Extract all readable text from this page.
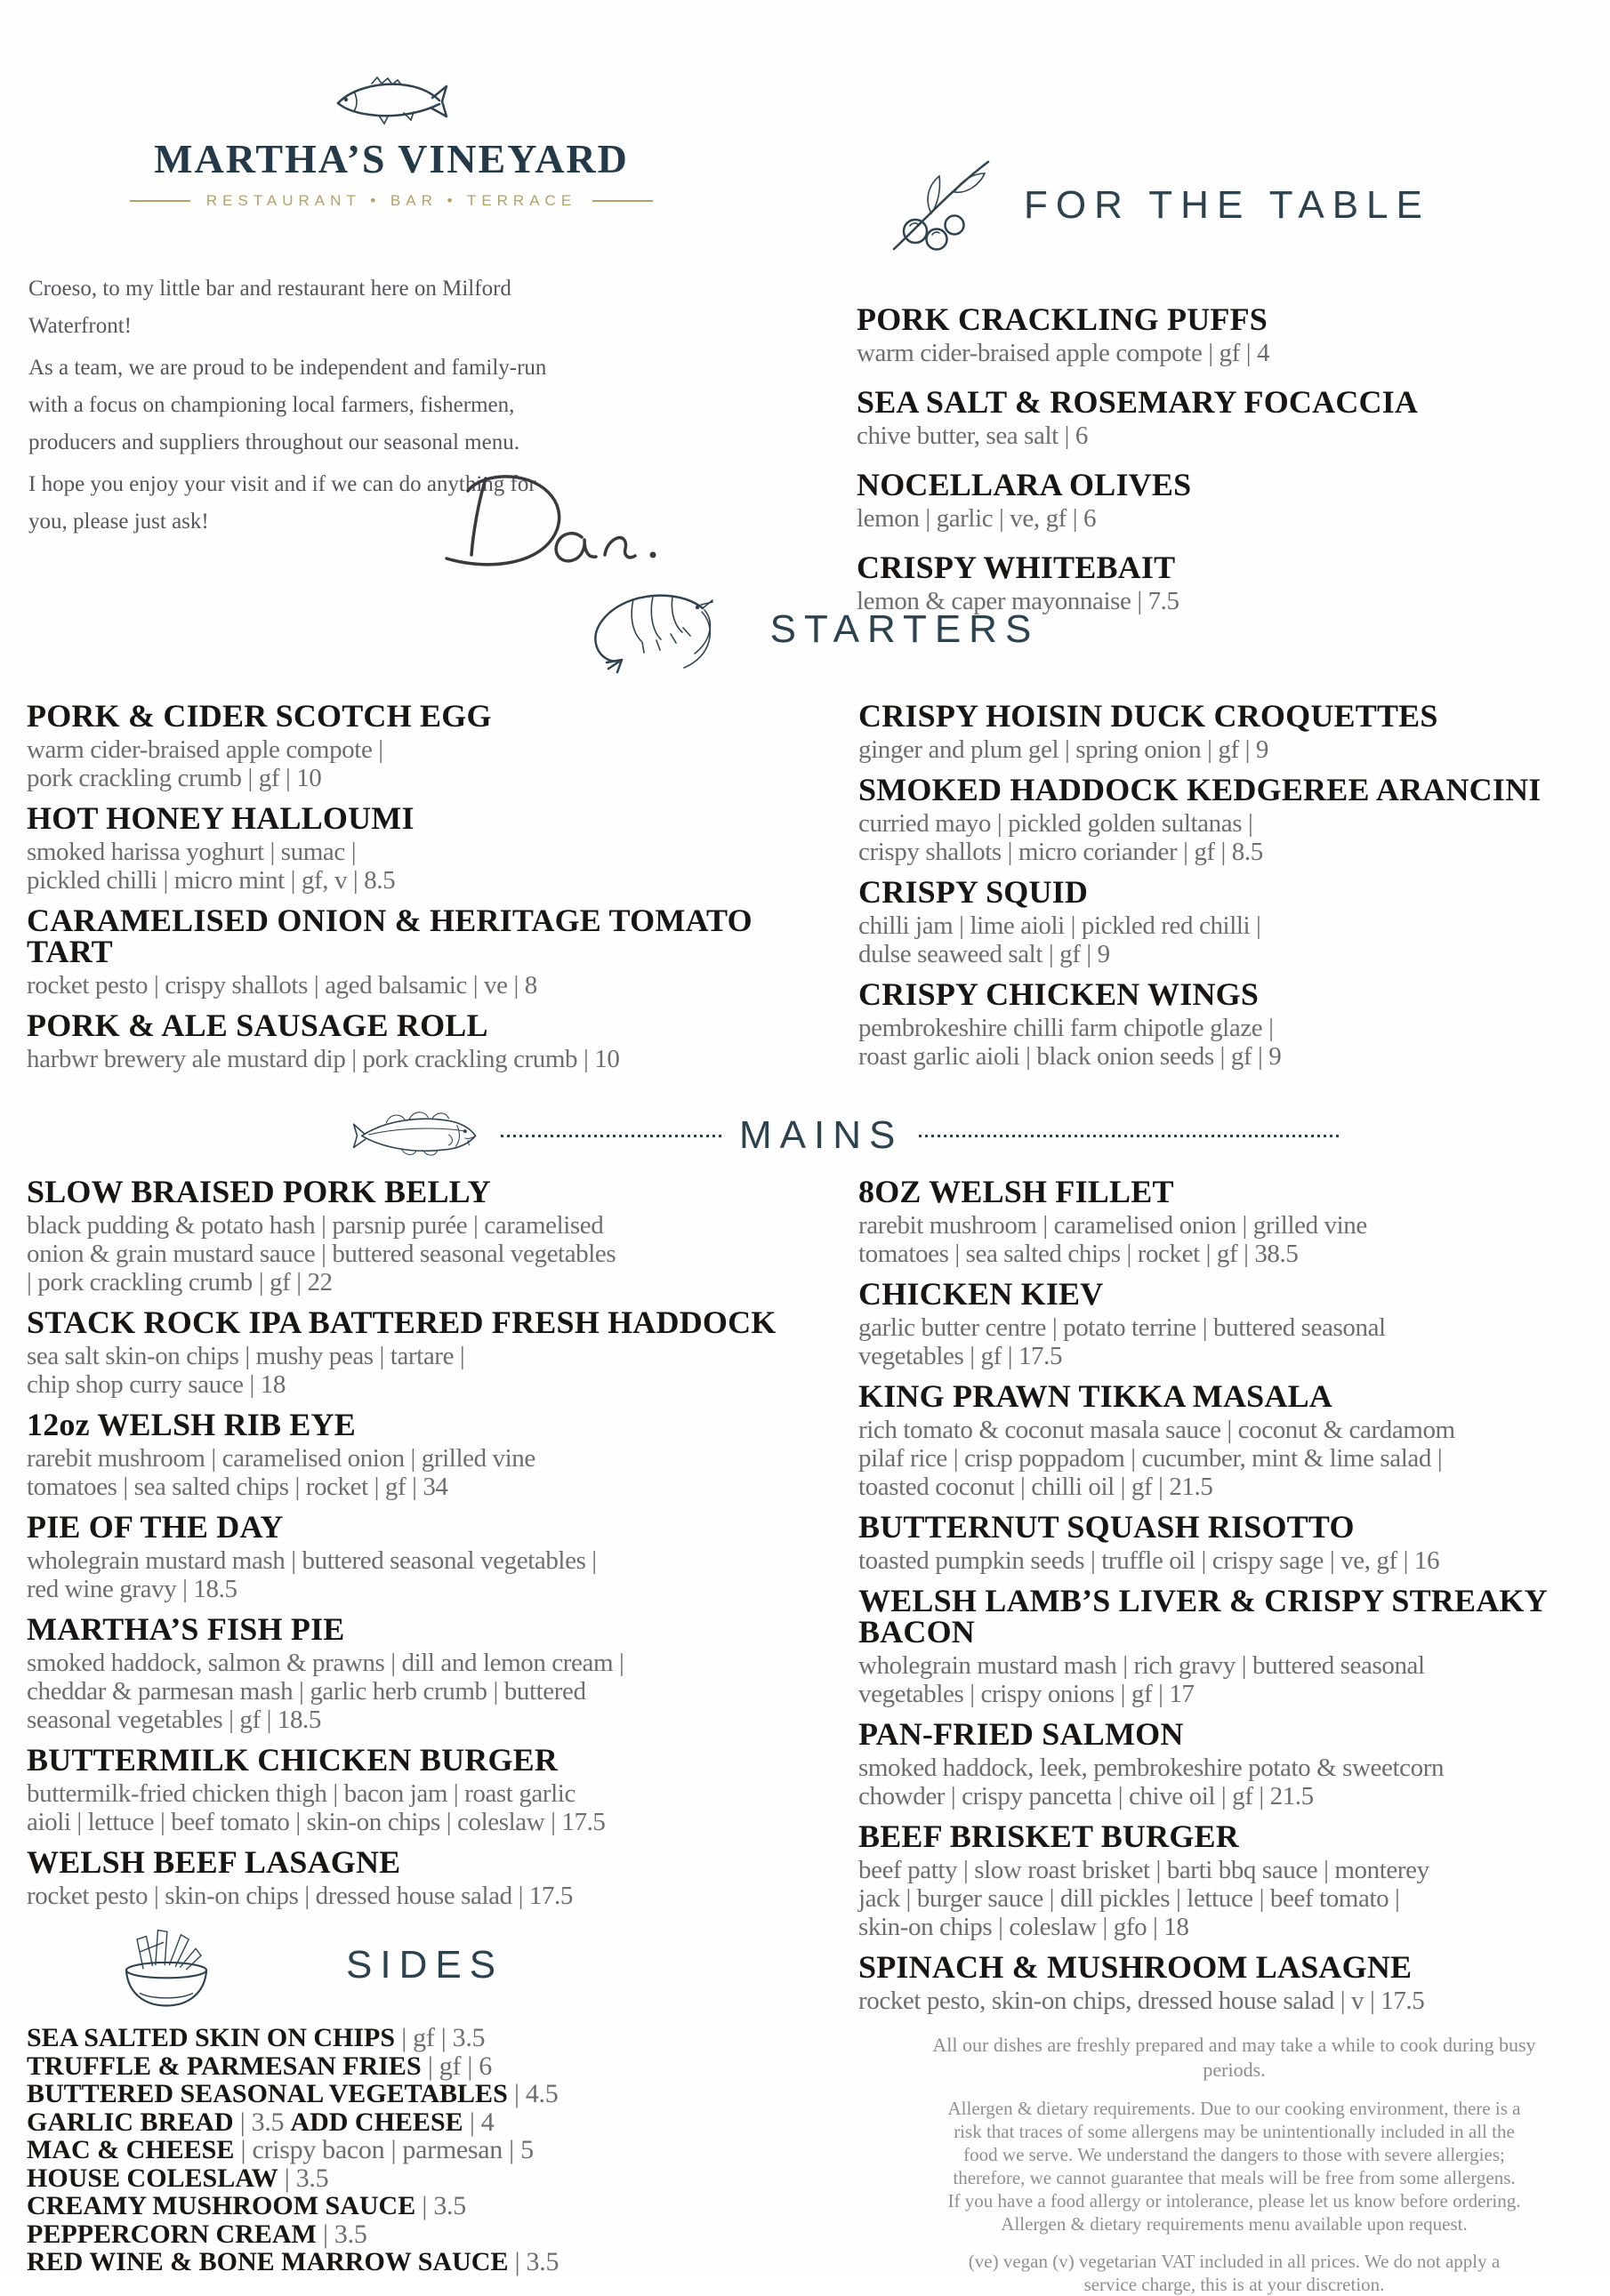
MARTHA’S VINEYARD
RESTAURANT • BAR • TERRACE

Croeso, to my little bar and restaurant here on Milford
Waterfront!

As a team, we are proud to be independent and family-run
with a focus on championing local farmers, fishermen,
producers and suppliers throughout our seasonal menu.

I hope you enjoy your visit and if we can do anything for
you, please just ask!

FOR THE TABLE
PORK CRACKLING PUFFS

warm cider-braised apple compote | gf | 4

SEA SALT & ROSEMARY FOCACCIA

chive butter, sea salt | 6

NOCELLARA OLIVES

lemon | garlic | ve, gf | 6

CRISPY WHITEBAIT

lemon & caper mayonnaise | 7.5

STARTERS
PORK & CIDER SCOTCH EGG

warm cider-braised apple compote |
pork crackling crumb | gf | 10

HOT HONEY HALLOUMI

smoked harissa yoghurt | sumac |
pickled chilli | micro mint | gf, v | 8.5

CARAMELISED ONION & HERITAGE TOMATO TART

rocket pesto | crispy shallots | aged balsamic | ve | 8

PORK & ALE SAUSAGE ROLL

harbwr brewery ale mustard dip | pork crackling crumb | 10

CRISPY HOISIN DUCK CROQUETTES

ginger and plum gel | spring onion | gf | 9

SMOKED HADDOCK KEDGEREE ARANCINI

curried mayo | pickled golden sultanas |
crispy shallots | micro coriander | gf | 8.5

CRISPY SQUID

chilli jam | lime aioli | pickled red chilli |
dulse seaweed salt | gf | 9

CRISPY CHICKEN WINGS

pembrokeshire chilli farm chipotle glaze |
roast garlic aioli | black onion seeds | gf | 9

MAINS
SLOW BRAISED PORK BELLY

black pudding & potato hash | parsnip purée | caramelised
onion & grain mustard sauce | buttered seasonal vegetables
| pork crackling crumb | gf | 22

STACK ROCK IPA BATTERED FRESH HADDOCK

sea salt skin-on chips | mushy peas | tartare |
chip shop curry sauce | 18

12oz WELSH RIB EYE

rarebit mushroom | caramelised onion | grilled vine
tomatoes | sea salted chips | rocket | gf | 34

PIE OF THE DAY

wholegrain mustard mash | buttered seasonal vegetables |
red wine gravy | 18.5

MARTHA’S FISH PIE

smoked haddock, salmon & prawns | dill and lemon cream |
cheddar & parmesan mash | garlic herb crumb | buttered
seasonal vegetables | gf | 18.5

BUTTERMILK CHICKEN BURGER

buttermilk-fried chicken thigh | bacon jam | roast garlic
aioli | lettuce | beef tomato | skin-on chips | coleslaw | 17.5

WELSH BEEF LASAGNE

rocket pesto | skin-on chips | dressed house salad | 17.5

SIDES
SEA SALTED SKIN ON CHIPS | gf | 3.5
TRUFFLE & PARMESAN FRIES | gf | 6
BUTTERED SEASONAL VEGETABLES | 4.5
GARLIC BREAD | 3.5 ADD CHEESE | 4
MAC & CHEESE | crispy bacon | parmesan | 5
HOUSE COLESLAW | 3.5
CREAMY MUSHROOM SAUCE | 3.5
PEPPERCORN CREAM | 3.5
RED WINE & BONE MARROW SAUCE | 3.5
8OZ WELSH FILLET

rarebit mushroom | caramelised onion | grilled vine
tomatoes | sea salted chips | rocket | gf | 38.5

CHICKEN KIEV

garlic butter centre | potato terrine | buttered seasonal
vegetables | gf | 17.5

KING PRAWN TIKKA MASALA

rich tomato & coconut masala sauce | coconut & cardamom
pilaf rice | crisp poppadom | cucumber, mint & lime salad |
toasted coconut | chilli oil | gf | 21.5

BUTTERNUT SQUASH RISOTTO

toasted pumpkin seeds | truffle oil | crispy sage | ve, gf | 16

WELSH LAMB’S LIVER & CRISPY STREAKY BACON

wholegrain mustard mash | rich gravy | buttered seasonal
vegetables | crispy onions | gf | 17

PAN-FRIED SALMON

smoked haddock, leek, pembrokeshire potato & sweetcorn
chowder | crispy pancetta | chive oil | gf | 21.5

BEEF BRISKET BURGER

beef patty | slow roast brisket | barti bbq sauce | monterey
jack | burger sauce | dill pickles | lettuce | beef tomato |
skin-on chips | coleslaw | gfo | 18

SPINACH & MUSHROOM LASAGNE

rocket pesto, skin-on chips, dressed house salad | v | 17.5

All our dishes are freshly prepared and may take a while to cook during busy
periods.

Allergen & dietary requirements. Due to our cooking environment, there is a
risk that traces of some allergens may be unintentionally included in all the
food we serve. We understand the dangers to those with severe allergies;
therefore, we cannot guarantee that meals will be free from some allergens.
If you have a food allergy or intolerance, please let us know before ordering.
Allergen & dietary requirements menu available upon request.

(ve) vegan (v) vegetarian VAT included in all prices. We do not apply a
service charge, this is at your discretion.
